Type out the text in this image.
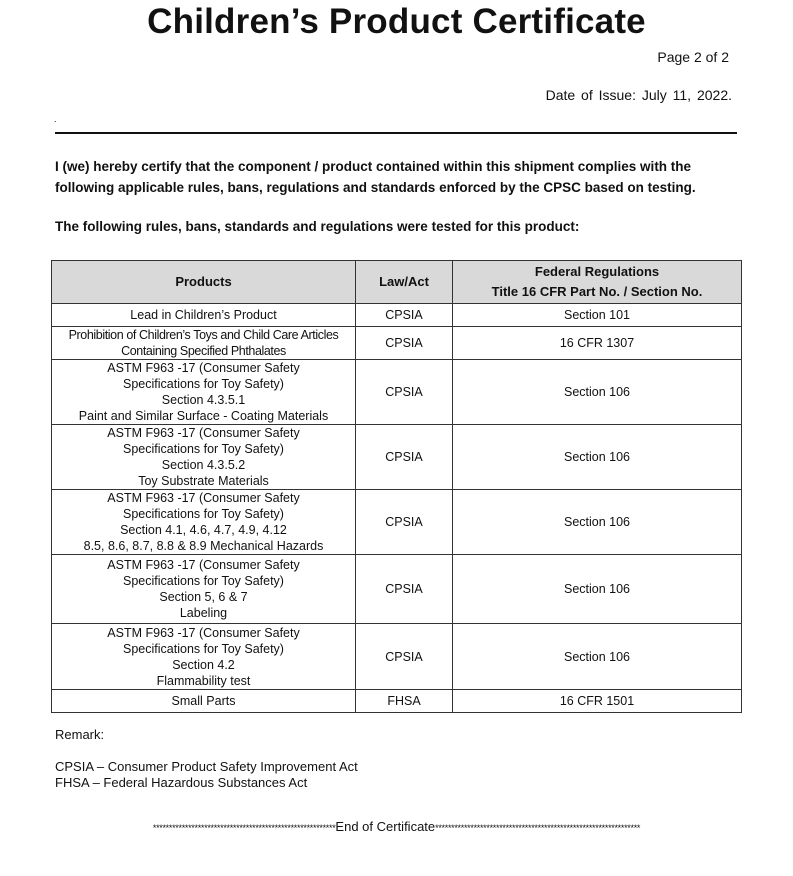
Children’s Product Certificate
Page 2 of 2
Date of Issue: July 11, 2022.
.

I (we) hereby certify that the component / product contained within this shipment complies with the following applicable rules, bans, regulations and standards enforced by the CPSC based on testing.

The following rules, bans, standards and regulations were tested for this product:

Products	Law/Act	Federal Regulations
Title 16 CFR Part No. / Section No.

Lead in Children’s Product	CPSIA	Section 101

Prohibition of Children’s Toys and Child Care Articles
Containing Specified Phthalates	CPSIA	16 CFR 1307

ASTM F963 -17 (Consumer Safety
Specifications for Toy Safety)
Section 4.3.5.1
Paint and Similar Surface - Coating Materials	CPSIA	Section 106

ASTM F963 -17 (Consumer Safety
Specifications for Toy Safety)
Section 4.3.5.2
Toy Substrate Materials	CPSIA	Section 106

ASTM F963 -17 (Consumer Safety
Specifications for Toy Safety)
Section 4.1, 4.6, 4.7, 4.9, 4.12
8.5, 8.6, 8.7, 8.8 & 8.9 Mechanical Hazards	CPSIA	Section 106

ASTM F963 -17 (Consumer Safety
Specifications for Toy Safety)
Section 5, 6 & 7
Labeling	CPSIA	Section 106

ASTM F963 -17 (Consumer Safety
Specifications for Toy Safety)
Section 4.2
Flammability test	CPSIA	Section 106

Small Parts	FHSA	16 CFR 1501
Remark:
CPSIA – Consumer Product Safety Improvement Act
FHSA – Federal Hazardous Substances Act
*********************************************************End of Certificate****************************************************************
